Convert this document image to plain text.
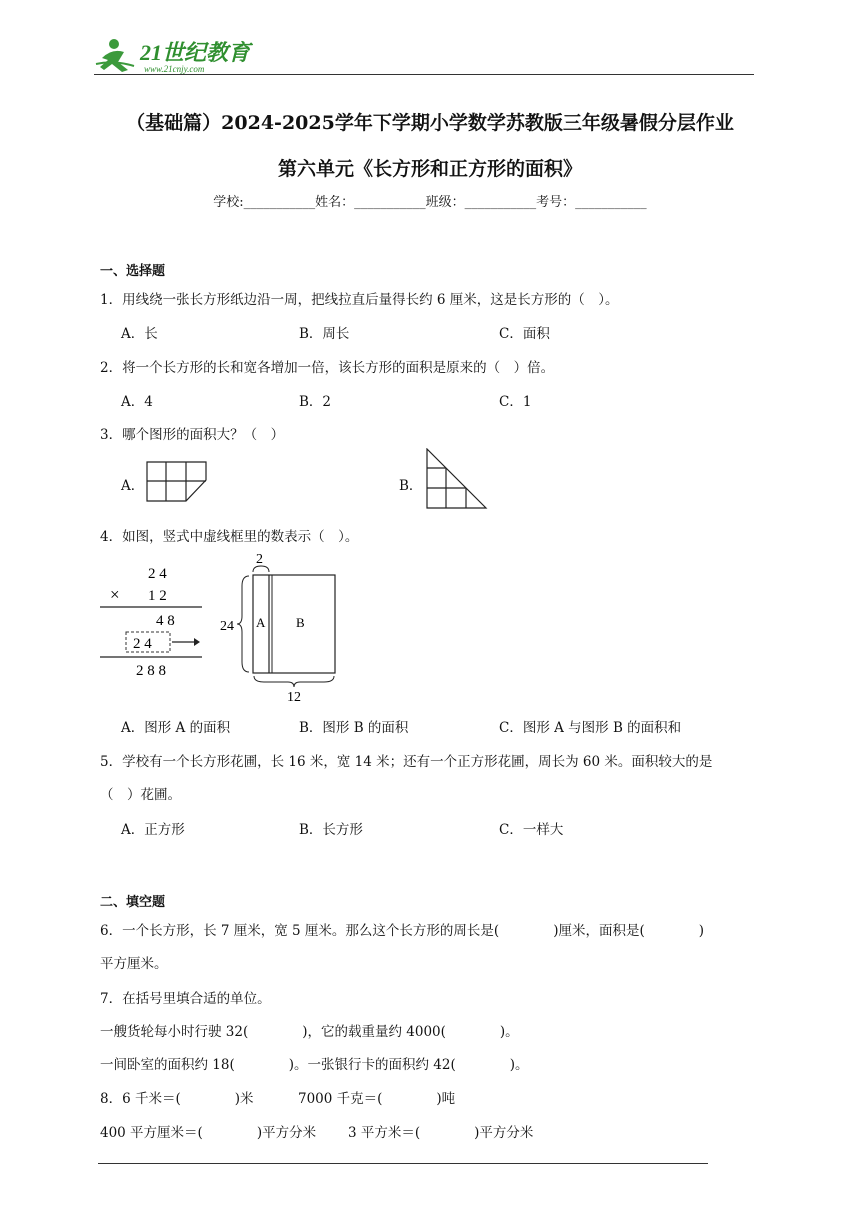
21世纪教育
www.21cnjy.com
（基础篇）2024-2025学年下学期小学数学苏教版三年级暑假分层作业
第六单元《长方形和正方形的面积》
学校:___________姓名：___________班级：___________考号：___________
一、选择题
1．用线绕一张长方形纸边沿一周，把线拉直后量得长约 6 厘米，这是长方形的（　）。
A．长	B．周长	C．面积
2．将一个长方形的长和宽各增加一倍，该长方形的面积是原来的（　）倍。
A．4	B．2	C．1
3．哪个图形的面积大？（　）
A．	B．
4．如图，竖式中虚线框里的数表示（　）。
2 4
× 1 2
4 8
2 4
2 8 8
2
24 A B
12
A．图形 A 的面积	B．图形 B 的面积	C．图形 A 与图形 B 的面积和
5．学校有一个长方形花圃，长 16 米，宽 14 米；还有一个正方形花圃，周长为 60 米。面积较大的是
（　）花圃。
A．正方形	B．长方形	C．一样大
二、填空题
6．一个长方形，长 7 厘米，宽 5 厘米。那么这个长方形的周长是(　　　　)厘米，面积是(　　　　)
平方厘米。
7．在括号里填合适的单位。
一艘货轮每小时行驶 32(　　　　)，它的载重量约 4000(　　　　)。
一间卧室的面积约 18(　　　　)。一张银行卡的面积约 42(　　　　)。
8．6 千米＝(　　　　)米	7000 千克＝(　　　　)吨
400 平方厘米＝(　　　　)平方分米 3 平方米＝(　　　　)平方分米
